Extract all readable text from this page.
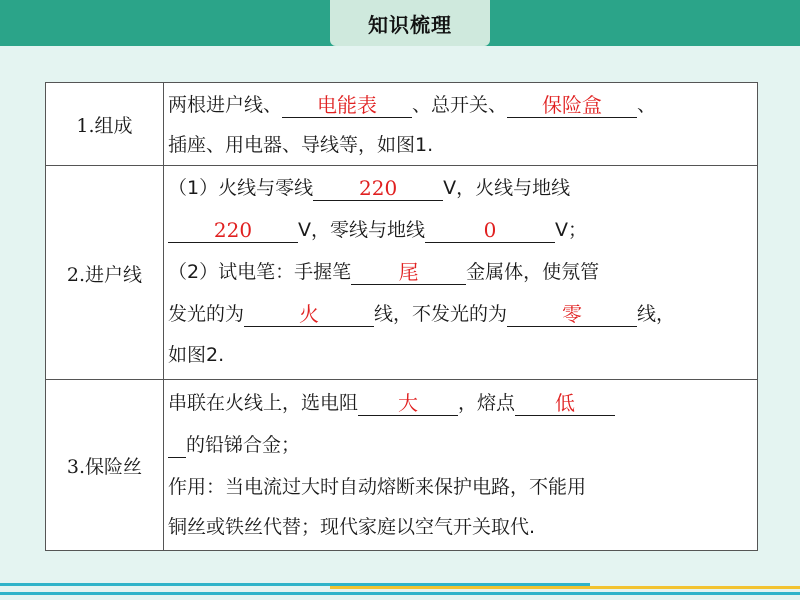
知识梳理
1.组成
两根进户线、	电能表	、总开关、	保险盒	、
插座、用电器、导线等，如图1.
2.进户线
（1）火线与零线	220	V，火线与地线
220	V，零线与地线	0	V；
（2）试电笔：手握笔	尾	金属体，使氖管
发光的为	火	线，不发光的为	零	线，
如图2.
3.保险丝
串联在火线上，选电阻	大	，熔点	低
的铅锑合金；
作用：当电流过大时自动熔断来保护电路，不能用
铜丝或铁丝代替；现代家庭以空气开关取代.
